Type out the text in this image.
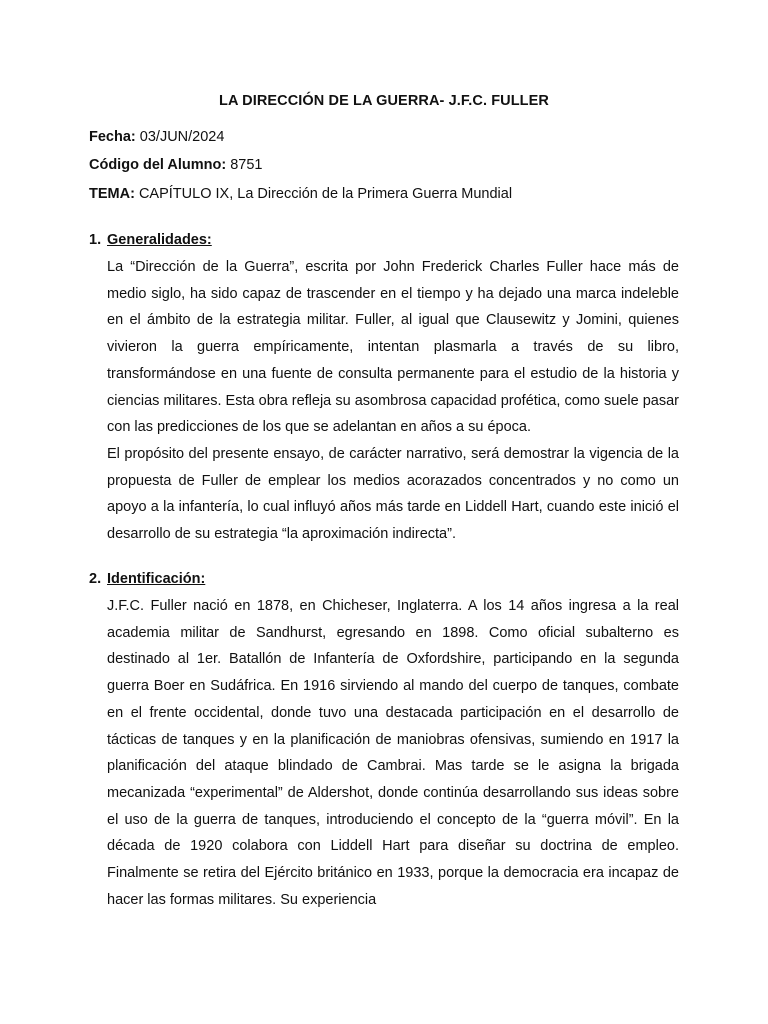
LA DIRECCIÓN DE LA GUERRA- J.F.C. FULLER
Fecha: 03/JUN/2024
Código del Alumno: 8751
TEMA: CAPÍTULO IX, La Dirección de la Primera Guerra Mundial
1. Generalidades:
La “Dirección de la Guerra”, escrita por John Frederick Charles Fuller hace más de medio siglo, ha sido capaz de trascender en el tiempo y ha dejado una marca indeleble en el ámbito de la estrategia militar. Fuller, al igual que Clausewitz y Jomini, quienes vivieron la guerra empíricamente, intentan plasmarla a través de su libro, transformándose en una fuente de consulta permanente para el estudio de la historia y ciencias militares. Esta obra refleja su asombrosa capacidad profética, como suele pasar con las predicciones de los que se adelantan en años a su época.
El propósito del presente ensayo, de carácter narrativo, será demostrar la vigencia de la propuesta de Fuller de emplear los medios acorazados concentrados y no como un apoyo a la infantería, lo cual influyó años más tarde en Liddell Hart, cuando este inició el desarrollo de su estrategia “la aproximación indirecta”.
2. Identificación:
J.F.C. Fuller nació en 1878, en Chicheser, Inglaterra. A los 14 años ingresa a la real academia militar de Sandhurst, egresando en 1898. Como oficial subalterno es destinado al 1er. Batallón de Infantería de Oxfordshire, participando en la segunda guerra Boer en Sudáfrica. En 1916 sirviendo al mando del cuerpo de tanques, combate en el frente occidental, donde tuvo una destacada participación en el desarrollo de tácticas de tanques y en la planificación de maniobras ofensivas, sumiendo en 1917 la planificación del ataque blindado de Cambrai. Mas tarde se le asigna la brigada mecanizada “experimental” de Aldershot, donde continúa desarrollando sus ideas sobre el uso de la guerra de tanques, introduciendo el concepto de la “guerra móvil”. En la década de 1920 colabora con Liddell Hart para diseñar su doctrina de empleo. Finalmente se retira del Ejército británico en 1933, porque la democracia era incapaz de hacer las formas militares. Su experiencia
